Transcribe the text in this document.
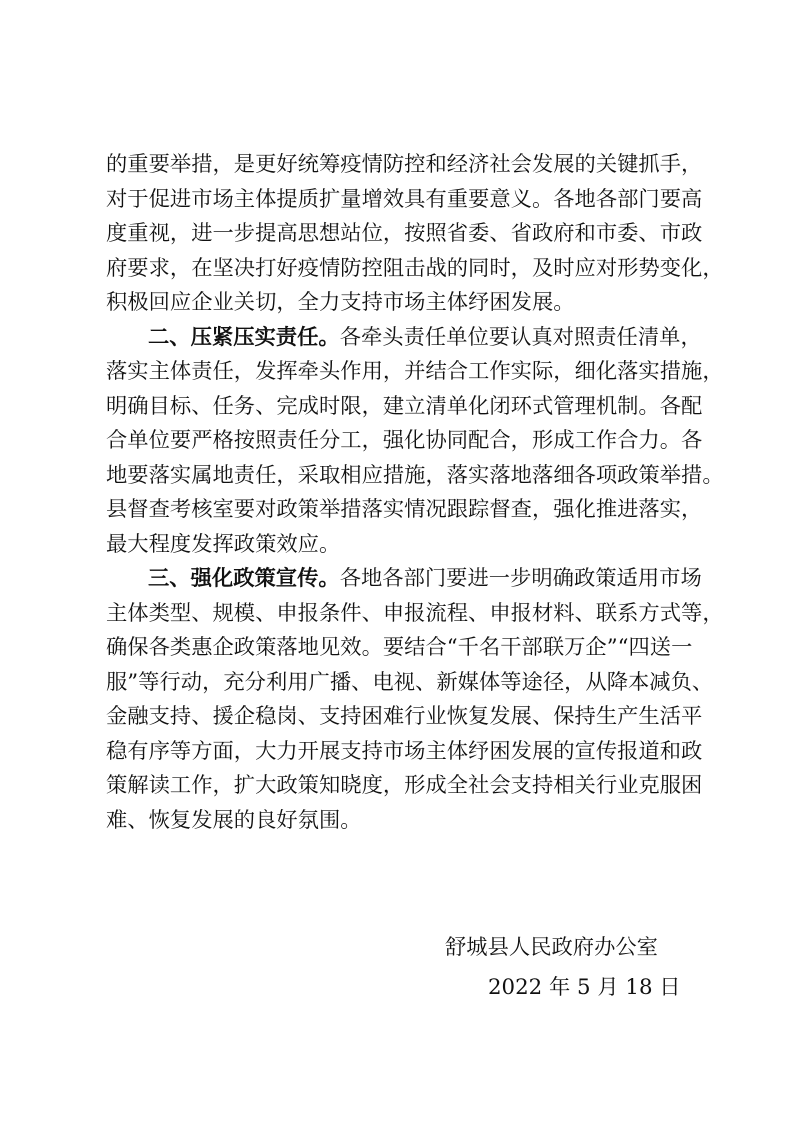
的重要举措，是更好统筹疫情防控和经济社会发展的关键抓手，
对于促进市场主体提质扩量增效具有重要意义。各地各部门要高
度重视，进一步提高思想站位，按照省委、省政府和市委、市政
府要求，在坚决打好疫情防控阻击战的同时，及时应对形势变化，
积极回应企业关切，全力支持市场主体纾困发展。
二、压紧压实责任。各牵头责任单位要认真对照责任清单，
落实主体责任，发挥牵头作用，并结合工作实际，细化落实措施，
明确目标、任务、完成时限，建立清单化闭环式管理机制。各配
合单位要严格按照责任分工，强化协同配合，形成工作合力。各
地要落实属地责任，采取相应措施，落实落地落细各项政策举措。
县督查考核室要对政策举措落实情况跟踪督查，强化推进落实，
最大程度发挥政策效应。
三、强化政策宣传。各地各部门要进一步明确政策适用市场
主体类型、规模、申报条件、申报流程、申报材料、联系方式等，
确保各类惠企政策落地见效。要结合“千名干部联万企”“四送一
服”等行动，充分利用广播、电视、新媒体等途径，从降本减负、
金融支持、援企稳岗、支持困难行业恢复发展、保持生产生活平
稳有序等方面，大力开展支持市场主体纾困发展的宣传报道和政
策解读工作，扩大政策知晓度，形成全社会支持相关行业克服困
难、恢复发展的良好氛围。
舒城县人民政府办公室
2022 年 5 月 18 日
